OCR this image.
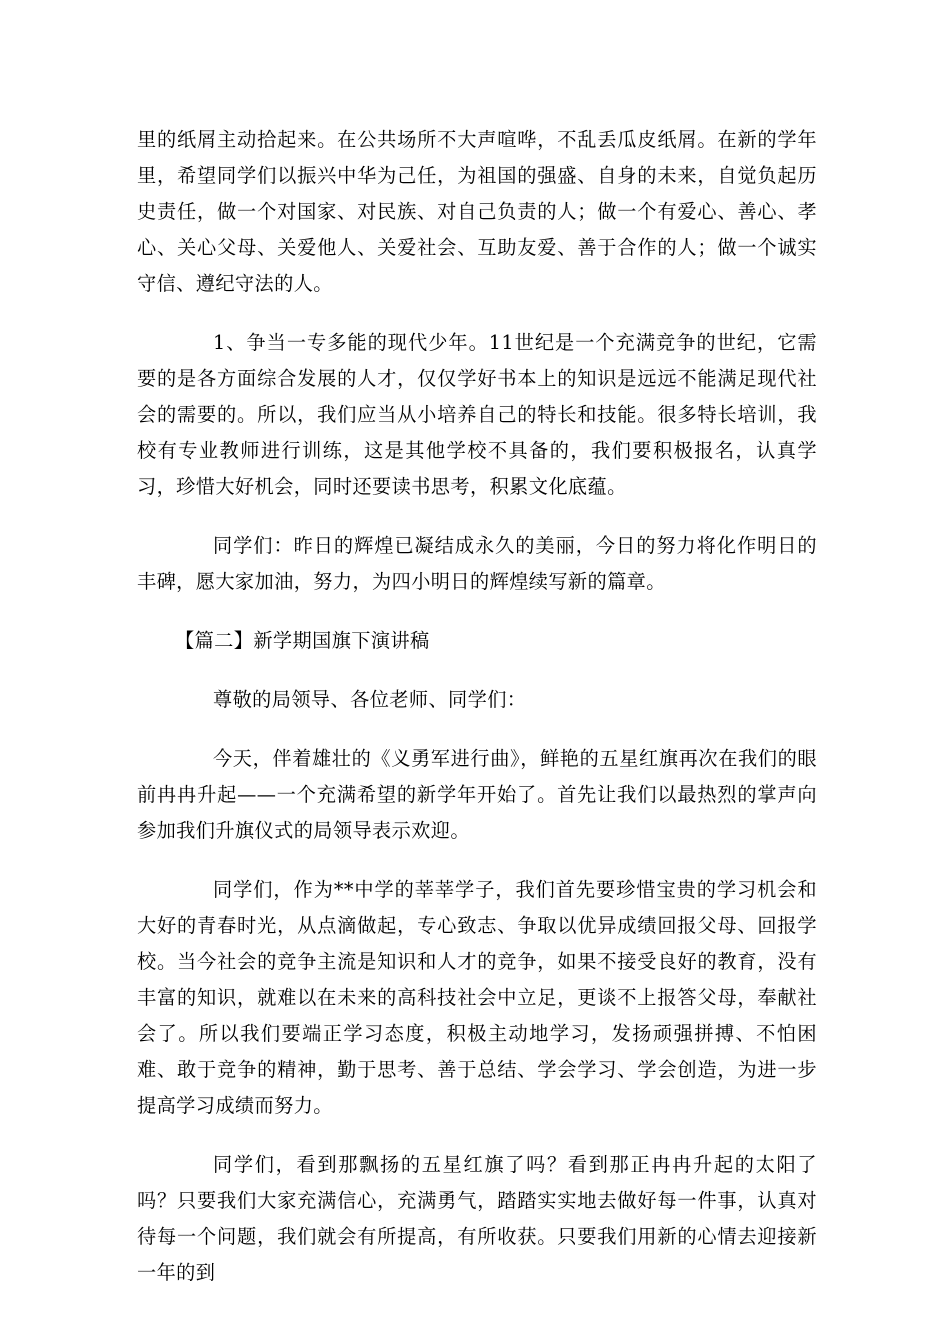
里的纸屑主动拾起来。在公共场所不大声喧哗，不乱丢瓜皮纸屑。在新的学年里，希望同学们以振兴中华为己任，为祖国的强盛、自身的未来，自觉负起历史责任，做一个对国家、对民族、对自己负责的人；做一个有爱心、善心、孝心、关心父母、关爱他人、关爱社会、互助友爱、善于合作的人；做一个诚实守信、遵纪守法的人。

1、争当一专多能的现代少年。11世纪是一个充满竞争的世纪，它需要的是各方面综合发展的人才，仅仅学好书本上的知识是远远不能满足现代社会的需要的。所以，我们应当从小培养自己的特长和技能。很多特长培训，我校有专业教师进行训练，这是其他学校不具备的，我们要积极报名，认真学习，珍惜大好机会，同时还要读书思考，积累文化底蕴。

同学们：昨日的辉煌已凝结成永久的美丽，今日的努力将化作明日的丰碑，愿大家加油，努力，为四小明日的辉煌续写新的篇章。

【篇二】新学期国旗下演讲稿

尊敬的局领导、各位老师、同学们：

今天，伴着雄壮的《义勇军进行曲》，鲜艳的五星红旗再次在我们的眼前冉冉升起——一个充满希望的新学年开始了。首先让我们以最热烈的掌声向参加我们升旗仪式的局领导表示欢迎。

同学们，作为**中学的莘莘学子，我们首先要珍惜宝贵的学习机会和大好的青春时光，从点滴做起，专心致志、争取以优异成绩回报父母、回报学校。当今社会的竞争主流是知识和人才的竞争，如果不接受良好的教育，没有丰富的知识，就难以在未来的高科技社会中立足，更谈不上报答父母，奉献社会了。所以我们要端正学习态度，积极主动地学习，发扬顽强拼搏、不怕困难、敢于竞争的精神，勤于思考、善于总结、学会学习、学会创造，为进一步提高学习成绩而努力。

同学们，看到那飘扬的五星红旗了吗？看到那正冉冉升起的太阳了吗？只要我们大家充满信心，充满勇气，踏踏实实地去做好每一件事，认真对待每一个问题，我们就会有所提高，有所收获。只要我们用新的心情去迎接新一年的到
